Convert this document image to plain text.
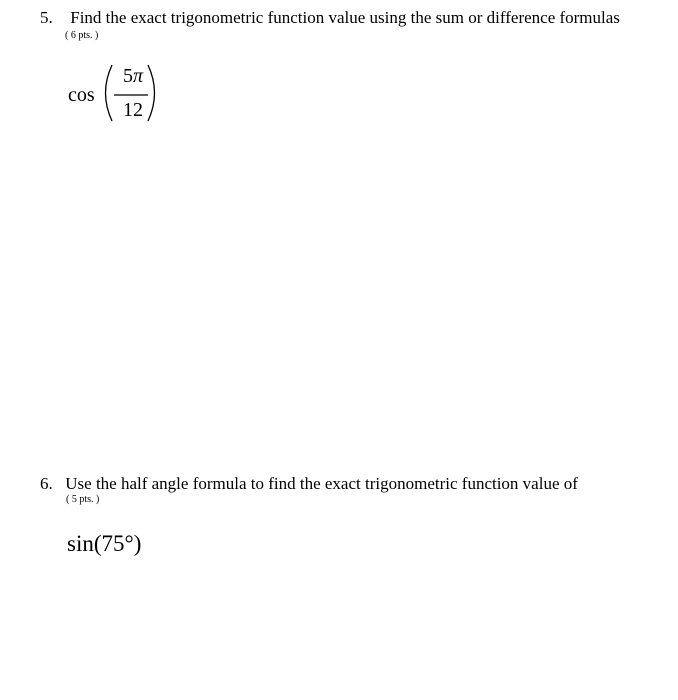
5. Find the exact trigonometric function value using the sum or difference formulas
( 6 pts. )
cos
5π
12
6. Use the half angle formula to find the exact trigonometric function value of
( 5 pts. )
sin(75°)
